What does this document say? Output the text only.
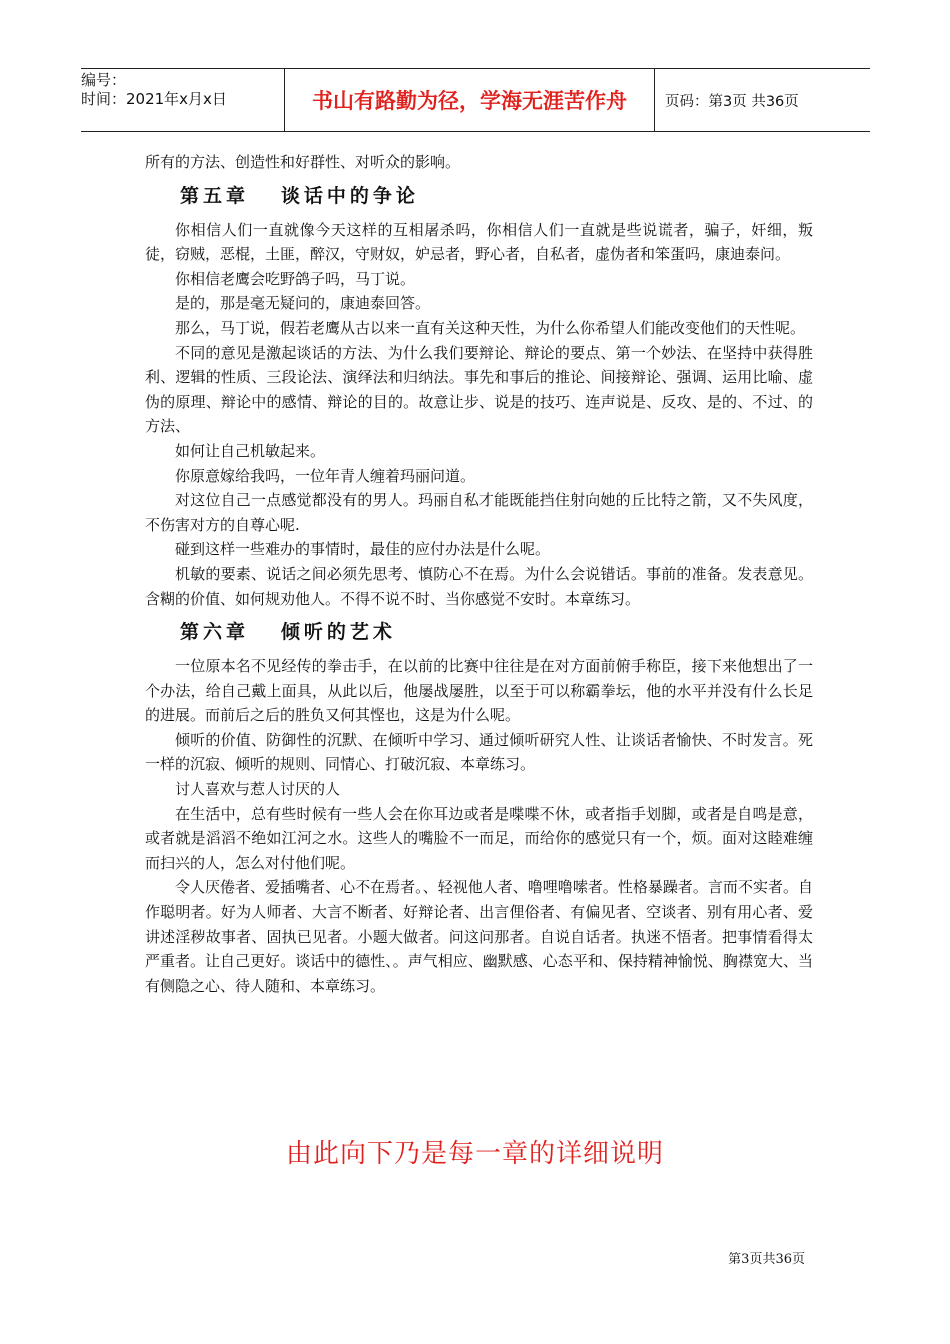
编号：
时间：2021年x月x日	书山有路勤为径，学海无涯苦作舟	页码：第3页 共36页

所有的方法、创造性和好群性、对听众的影响。

第五章   谈话中的争论

你相信人们一直就像今天这样的互相屠杀吗，你相信人们一直就是些说谎者，骗子，奸细，叛徒，窃贼，恶棍，土匪，醉汉，守财奴，妒忌者，野心者，自私者，虚伪者和笨蛋吗，康迪泰问。

你相信老鹰会吃野鸽子吗，马丁说。

是的，那是毫无疑问的，康迪泰回答。

那么，马丁说，假若老鹰从古以来一直有关这种天性，为什么你希望人们能改变他们的天性呢。

不同的意见是激起谈话的方法、为什么我们要辩论、辩论的要点、第一个妙法、在坚持中获得胜利、逻辑的性质、三段论法、演绎法和归纳法。事先和事后的推论、间接辩论、强调、运用比喻、虚伪的原理、辩论中的感情、辩论的目的。故意让步、说是的技巧、连声说是、反攻、是的、不过、的方法、

如何让自己机敏起来。

你原意嫁给我吗，一位年青人缠着玛丽问道。

对这位自己一点感觉都没有的男人。玛丽自私才能既能挡住射向她的丘比特之箭，又不失风度，不伤害对方的自尊心呢.

碰到这样一些难办的事情时，最佳的应付办法是什么呢。

机敏的要素、说话之间必须先思考、慎防心不在焉。为什么会说错话。事前的准备。发表意见。含糊的价值、如何规劝他人。不得不说不时、当你感觉不安时。本章练习。

第六章   倾听的艺术

一位原本名不见经传的拳击手，在以前的比赛中往往是在对方面前俯手称臣，接下来他想出了一个办法，给自己戴上面具，从此以后，他屡战屡胜，以至于可以称霸拳坛，他的水平并没有什么长足的进展。而前后之后的胜负又何其悭也，这是为什么呢。

倾听的价值、防御性的沉默、在倾听中学习、通过倾听研究人性、让谈话者愉快、不时发言。死一样的沉寂、倾听的规则、同情心、打破沉寂、本章练习。

讨人喜欢与惹人讨厌的人

在生活中，总有些时候有一些人会在你耳边或者是喋喋不休，或者指手划脚，或者是自鸣是意，或者就是滔滔不绝如江河之水。这些人的嘴脸不一而足，而给你的感觉只有一个，烦。面对这睦难缠而扫兴的人，怎么对付他们呢。

令人厌倦者、爱插嘴者、心不在焉者。、轻视他人者、噜哩噜嗦者。性格暴躁者。言而不实者。自作聪明者。好为人师者、大言不断者、好辩论者、出言俚俗者、有偏见者、空谈者、别有用心者、爱讲述淫秽故事者、固执已见者。小题大做者。问这问那者。自说自话者。执迷不悟者。把事情看得太严重者。让自己更好。谈话中的德性、。声气相应、幽默感、心态平和、保持精神愉悦、胸襟宽大、当有侧隐之心、待人随和、本章练习。

由此向下乃是每一章的详细说明
第3页共36页
